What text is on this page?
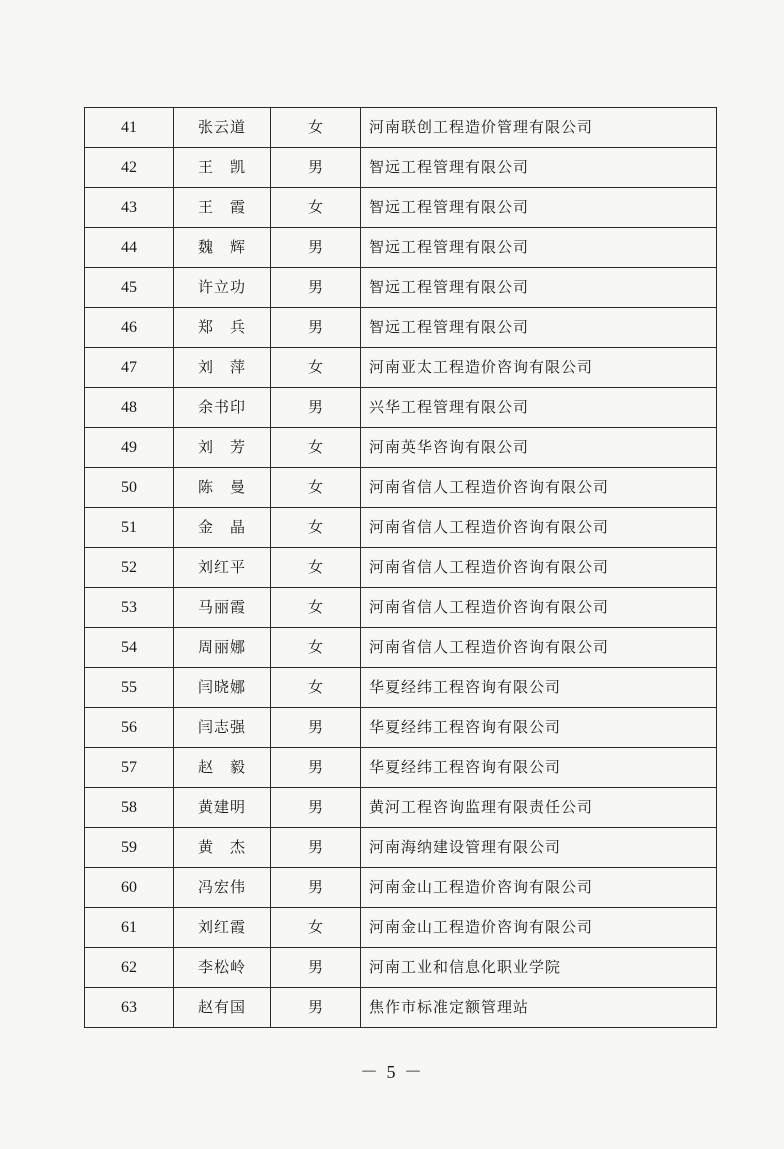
41	张云道	女	河南联创工程造价管理有限公司
42	王　凯	男	智远工程管理有限公司
43	王　霞	女	智远工程管理有限公司
44	魏　辉	男	智远工程管理有限公司
45	许立功	男	智远工程管理有限公司
46	郑　兵	男	智远工程管理有限公司
47	刘　萍	女	河南亚太工程造价咨询有限公司
48	余书印	男	兴华工程管理有限公司
49	刘　芳	女	河南英华咨询有限公司
50	陈　曼	女	河南省信人工程造价咨询有限公司
51	金　晶	女	河南省信人工程造价咨询有限公司
52	刘红平	女	河南省信人工程造价咨询有限公司
53	马丽霞	女	河南省信人工程造价咨询有限公司
54	周丽娜	女	河南省信人工程造价咨询有限公司
55	闫晓娜	女	华夏经纬工程咨询有限公司
56	闫志强	男	华夏经纬工程咨询有限公司
57	赵　毅	男	华夏经纬工程咨询有限公司
58	黄建明	男	黄河工程咨询监理有限责任公司
59	黄　杰	男	河南海纳建设管理有限公司
60	冯宏伟	男	河南金山工程造价咨询有限公司
61	刘红霞	女	河南金山工程造价咨询有限公司
62	李松岭	男	河南工业和信息化职业学院
63	赵有国	男	焦作市标准定额管理站
－ 5 －
